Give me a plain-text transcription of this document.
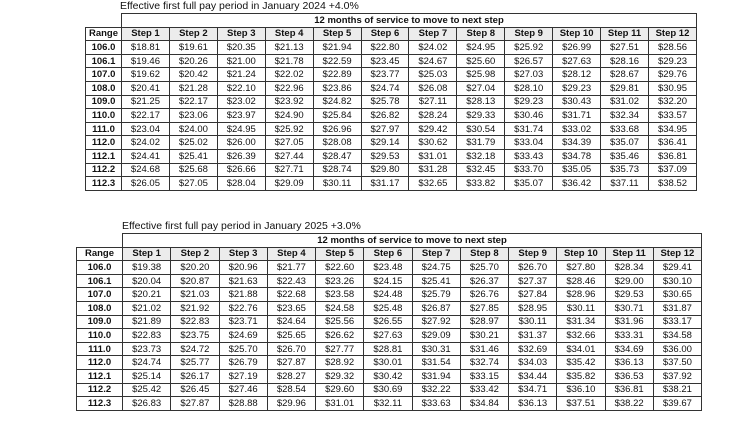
Effective first full pay period in January 2024 +4.0%
	12 months of service to move to next step											
Range	Step 1	Step 2	Step 3	Step 4	Step 5	Step 6	Step 7	Step 8	Step 9	Step 10	Step 11	Step 12
106.0	$18.81	$19.61	$20.35	$21.13	$21.94	$22.80	$24.02	$24.95	$25.92	$26.99	$27.51	$28.56
106.1	$19.46	$20.26	$21.00	$21.78	$22.59	$23.45	$24.67	$25.60	$26.57	$27.63	$28.16	$29.23
107.0	$19.62	$20.42	$21.24	$22.02	$22.89	$23.77	$25.03	$25.98	$27.03	$28.12	$28.67	$29.76
108.0	$20.41	$21.28	$22.10	$22.96	$23.86	$24.74	$26.08	$27.04	$28.10	$29.23	$29.81	$30.95
109.0	$21.25	$22.17	$23.02	$23.92	$24.82	$25.78	$27.11	$28.13	$29.23	$30.43	$31.02	$32.20
110.0	$22.17	$23.06	$23.97	$24.90	$25.84	$26.82	$28.24	$29.33	$30.46	$31.71	$32.34	$33.57
111.0	$23.04	$24.00	$24.95	$25.92	$26.96	$27.97	$29.42	$30.54	$31.74	$33.02	$33.68	$34.95
112.0	$24.02	$25.02	$26.00	$27.05	$28.08	$29.14	$30.62	$31.79	$33.04	$34.39	$35.07	$36.41
112.1	$24.41	$25.41	$26.39	$27.44	$28.47	$29.53	$31.01	$32.18	$33.43	$34.78	$35.46	$36.81
112.2	$24.68	$25.68	$26.66	$27.71	$28.74	$29.80	$31.28	$32.45	$33.70	$35.05	$35.73	$37.09
112.3	$26.05	$27.05	$28.04	$29.09	$30.11	$31.17	$32.65	$33.82	$35.07	$36.42	$37.11	$38.52
Effective first full pay period in January 2025 +3.0%
	12 months of service to move to next step											
Range	Step 1	Step 2	Step 3	Step 4	Step 5	Step 6	Step 7	Step 8	Step 9	Step 10	Step 11	Step 12
106.0	$19.38	$20.20	$20.96	$21.77	$22.60	$23.48	$24.75	$25.70	$26.70	$27.80	$28.34	$29.41
106.1	$20.04	$20.87	$21.63	$22.43	$23.26	$24.15	$25.41	$26.37	$27.37	$28.46	$29.00	$30.10
107.0	$20.21	$21.03	$21.88	$22.68	$23.58	$24.48	$25.79	$26.76	$27.84	$28.96	$29.53	$30.65
108.0	$21.02	$21.92	$22.76	$23.65	$24.58	$25.48	$26.87	$27.85	$28.95	$30.11	$30.71	$31.87
109.0	$21.89	$22.83	$23.71	$24.64	$25.56	$26.55	$27.92	$28.97	$30.11	$31.34	$31.96	$33.17
110.0	$22.83	$23.75	$24.69	$25.65	$26.62	$27.63	$29.09	$30.21	$31.37	$32.66	$33.31	$34.58
111.0	$23.73	$24.72	$25.70	$26.70	$27.77	$28.81	$30.31	$31.46	$32.69	$34.01	$34.69	$36.00
112.0	$24.74	$25.77	$26.79	$27.87	$28.92	$30.01	$31.54	$32.74	$34.03	$35.42	$36.13	$37.50
112.1	$25.14	$26.17	$27.19	$28.27	$29.32	$30.42	$31.94	$33.15	$34.44	$35.82	$36.53	$37.92
112.2	$25.42	$26.45	$27.46	$28.54	$29.60	$30.69	$32.22	$33.42	$34.71	$36.10	$36.81	$38.21
112.3	$26.83	$27.87	$28.88	$29.96	$31.01	$32.11	$33.63	$34.84	$36.13	$37.51	$38.22	$39.67
